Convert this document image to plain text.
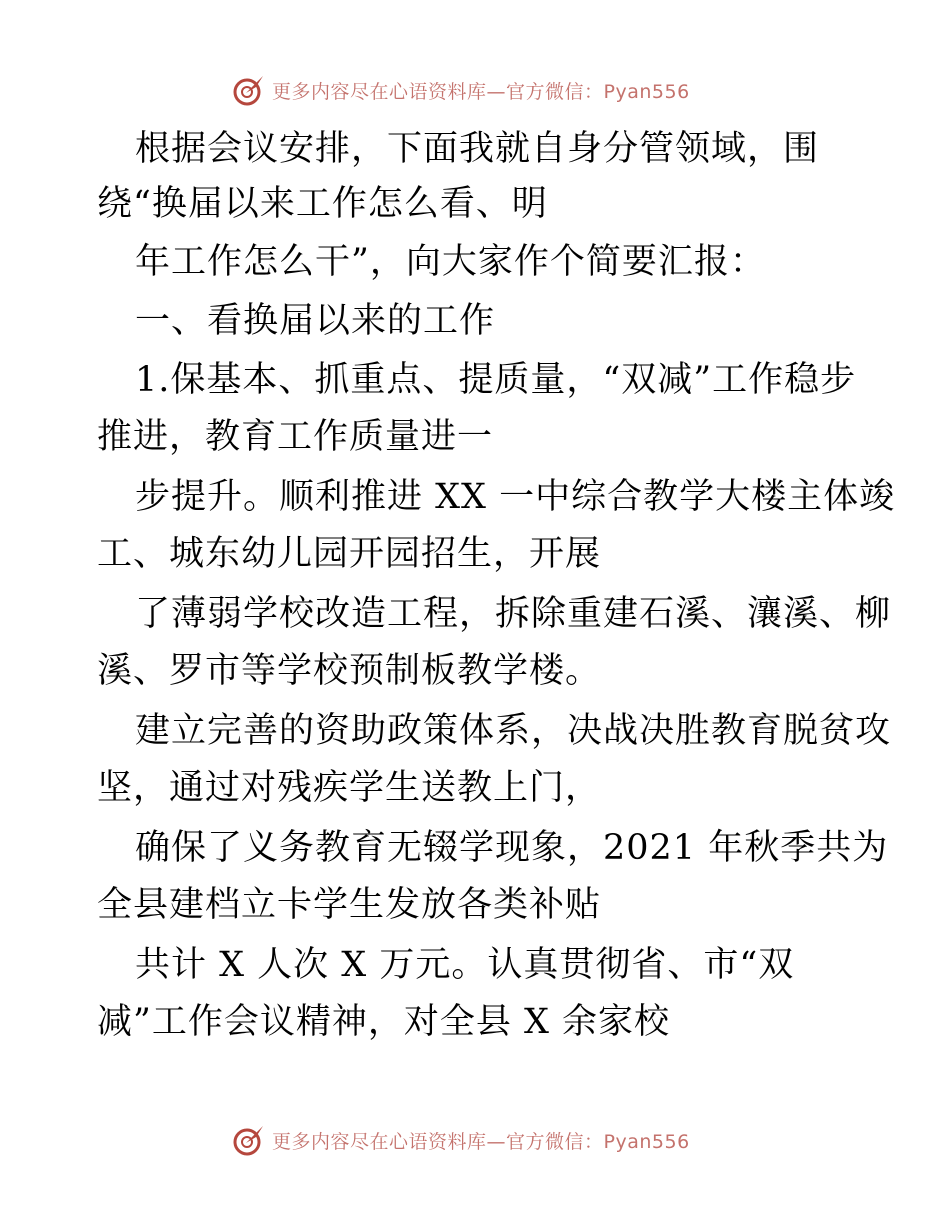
更多内容尽在心语资料库—官方微信：Pyan556
根据会议安排，下面我就自身分管领域，围
绕“换届以来工作怎么看、明
年工作怎么干”，向大家作个简要汇报：
一、看换届以来的工作
1.保基本、抓重点、提质量，“双减”工作稳步
推进，教育工作质量进一
步提升。顺利推进 XX 一中综合教学大楼主体竣
工、城东幼儿园开园招生，开展
了薄弱学校改造工程，拆除重建石溪、瀼溪、柳
溪、罗市等学校预制板教学楼。
建立完善的资助政策体系，决战决胜教育脱贫攻
坚，通过对残疾学生送教上门，
确保了义务教育无辍学现象，2021 年秋季共为
全县建档立卡学生发放各类补贴
共计 X 人次 X 万元。认真贯彻省、市“双
减”工作会议精神，对全县 X 余家校
更多内容尽在心语资料库—官方微信：Pyan556
